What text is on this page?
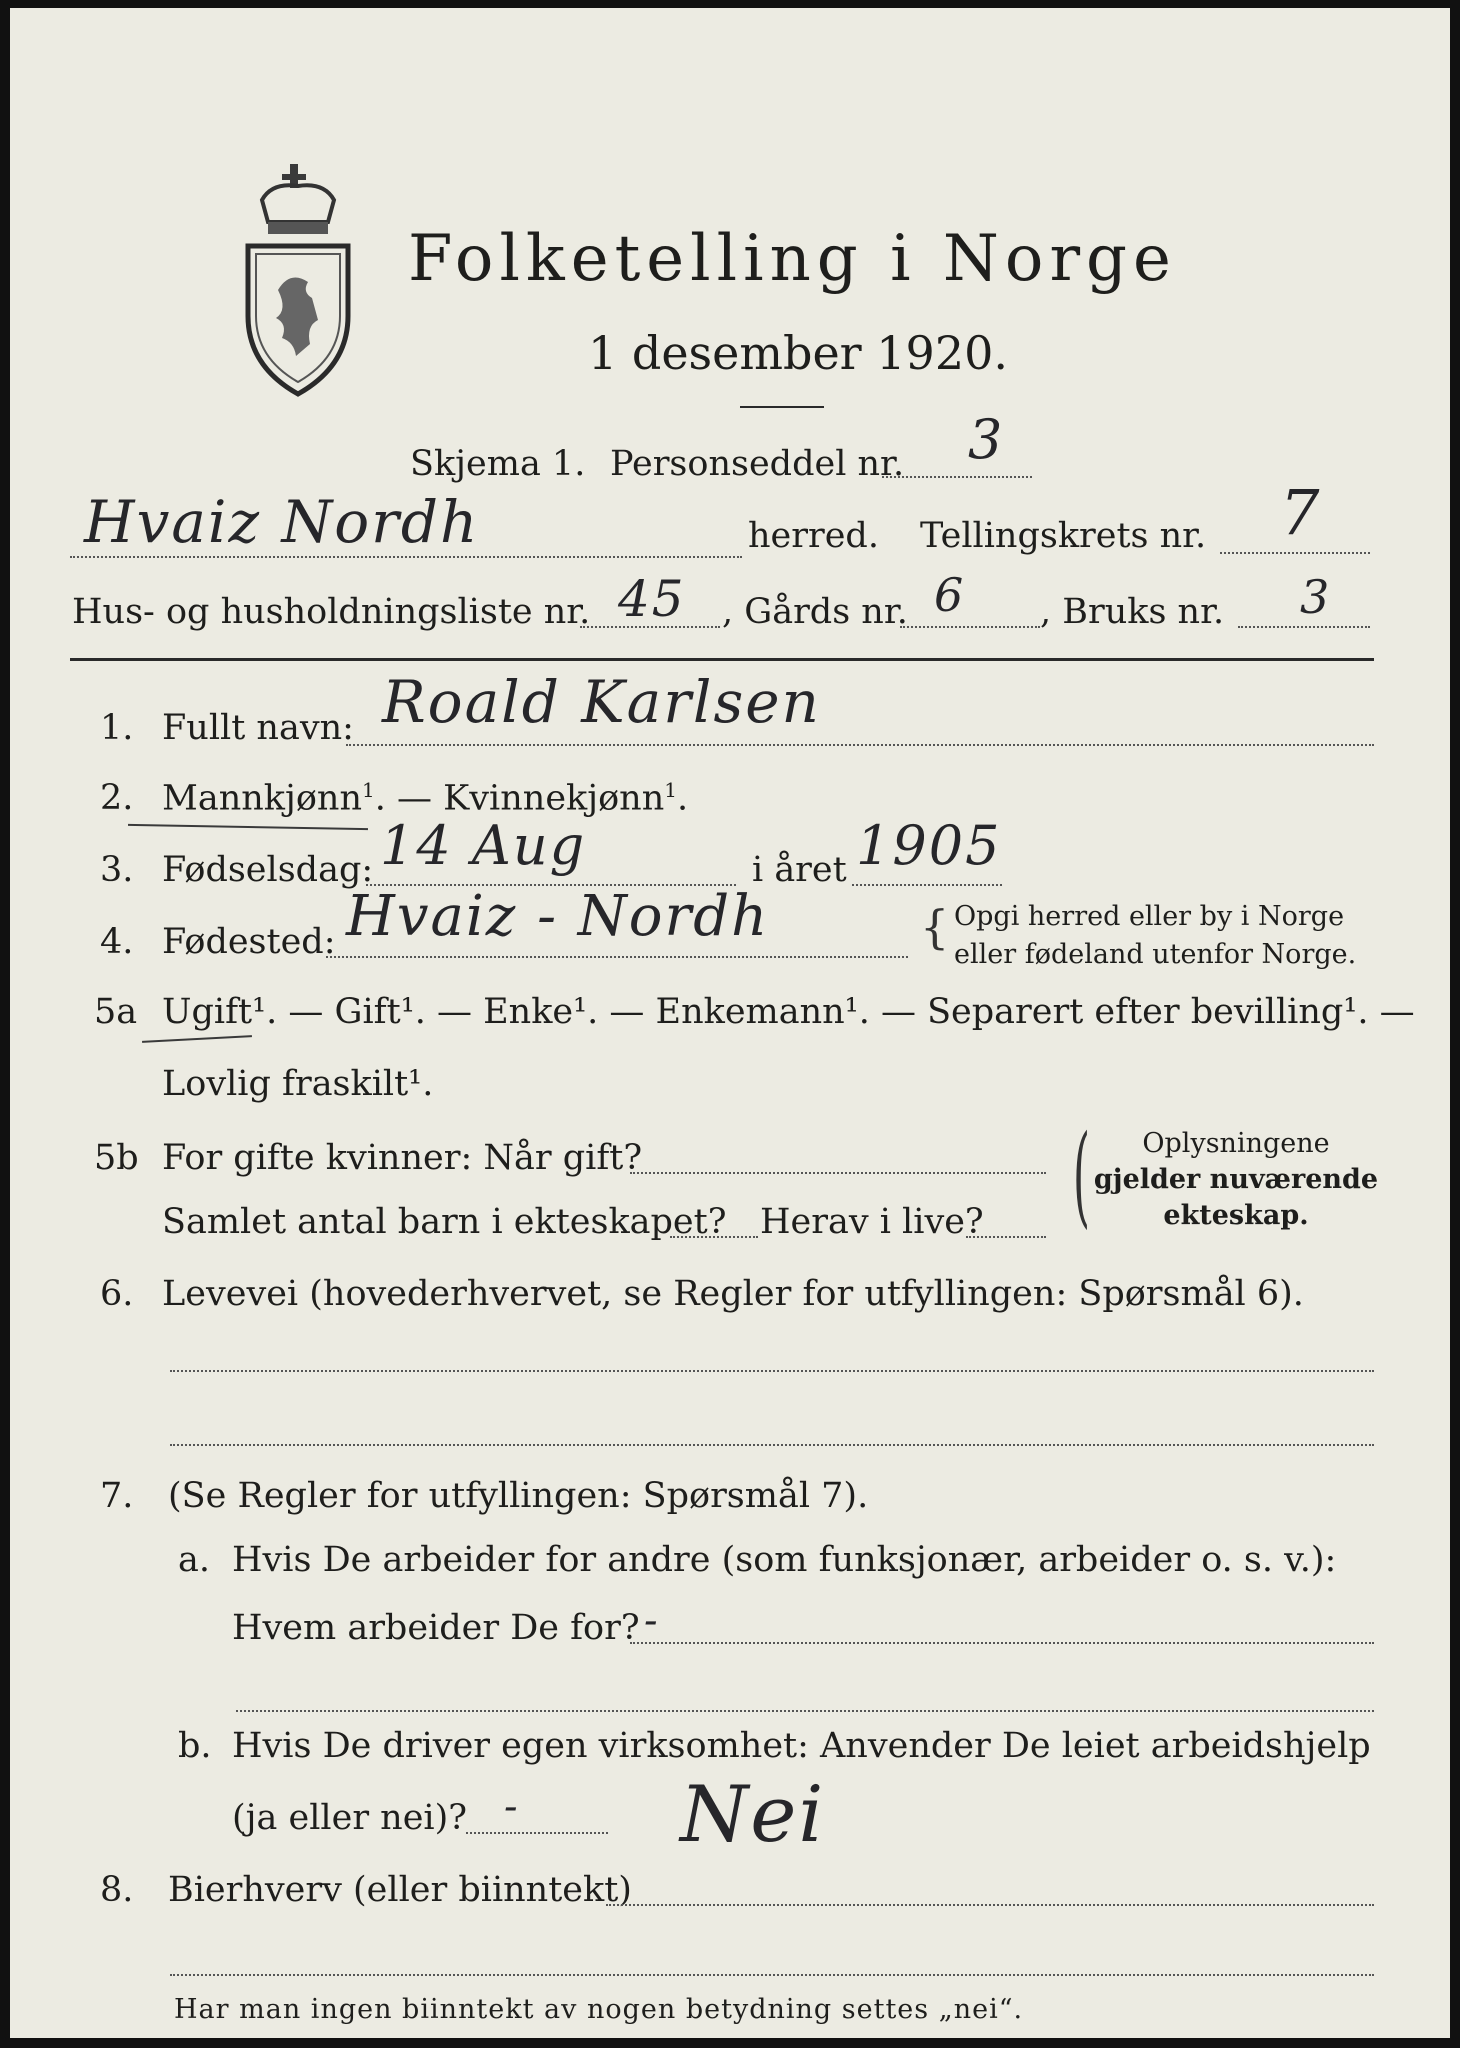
Folketelling i Norge
1 desember 1920.
Skjema 1. Personseddel nr. 3
Hvaiz Nordh	herred. Tellingskrets nr. 7
Hus- og husholdningsliste nr. 45 , Gårds nr. 6 , Bruks nr. 3
1. Fullt navn: Roald Karlsen
2. Mannkjønn$^1$. — Kvinnekjønn$^1$.
3. Fødselsdag: 14 Aug	i året 1905
4. Fødested: Hvaiz - Nordh	{ Opgi herred eller by i Norge
eller fødeland utenfor Norge.
5a Ugift¹. — Gift¹. — Enke¹. — Enkemann¹. — Separert efter bevilling¹. —
Lovlig fraskilt¹.
5b For gifte kvinner: Når gift?
Samlet antal barn i ekteskapet? Herav i live? (	Oplysningene
gjelder nuværende
ekteskap.
6. Levevei (hovederhvervet, se Regler for utfyllingen: Spørsmål 6).
7. (Se Regler for utfyllingen: Spørsmål 7).
a. Hvis De arbeider for andre (som funksjonær, arbeider o. s. v.):
Hvem arbeider De for? -
b. Hvis De driver egen virksomhet: Anvender De leiet arbeidshjelp
(ja eller nei)? - Nei
8. Bierhverv (eller biinntekt)
Har man ingen biinntekt av nogen betydning settes „nei“.
